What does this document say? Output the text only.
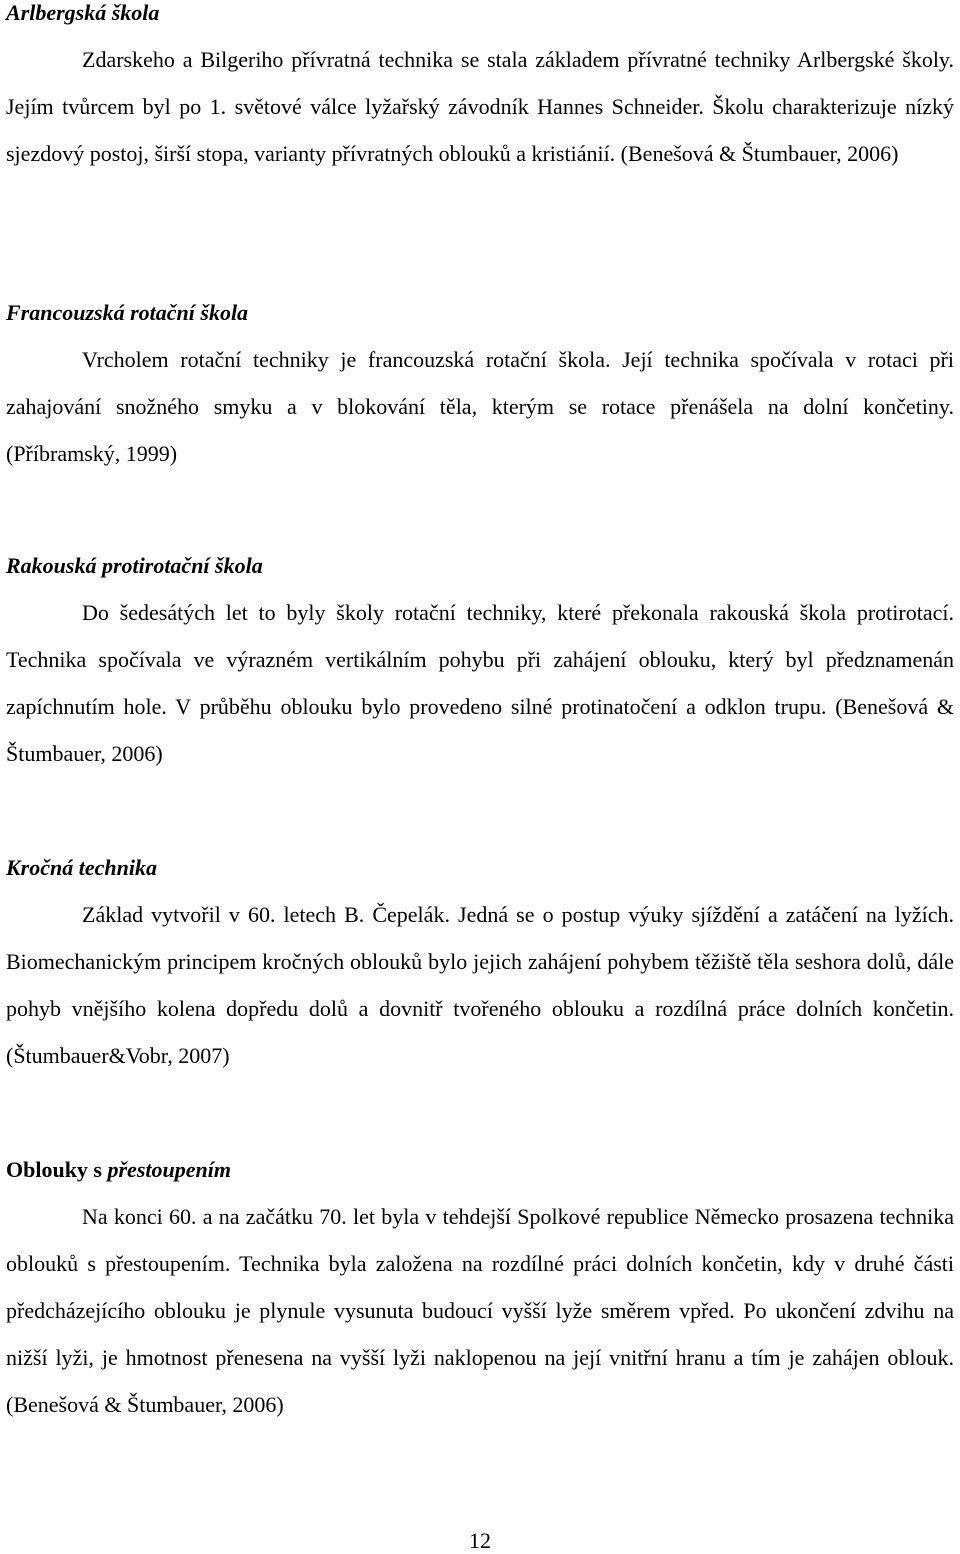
Arlbergská škola

Zdarskeho a Bilgeriho přívratná technika se stala základem přívratné techniky Arlbergské školy. Jejím tvůrcem byl po 1. světové válce lyžařský závodník Hannes Schneider. Školu charakterizuje nízký sjezdový postoj, širší stopa, varianty přívratných oblouků a kristiánií. (Benešová & Štumbauer, 2006)

Francouzská rotační škola

Vrcholem rotační techniky je francouzská rotační škola. Její technika spočívala v rotaci při zahajování snožného smyku a v blokování těla, kterým se rotace přenášela na dolní končetiny. (Příbramský, 1999)

Rakouská protirotační škola

Do šedesátých let to byly školy rotační techniky, které překonala rakouská škola protirotací. Technika spočívala ve výrazném vertikálním pohybu při zahájení oblouku, který byl předznamenán zapíchnutím hole. V průběhu oblouku bylo provedeno silné protinatočení a odklon trupu. (Benešová & Štumbauer, 2006)

Kročná technika

Základ vytvořil v 60. letech B. Čepelák. Jedná se o postup výuky sjíždění a zatáčení na lyžích. Biomechanickým principem kročných oblouků bylo jejich zahájení pohybem těžiště těla seshora dolů, dále pohyb vnějšího kolena dopředu dolů a dovnitř tvořeného oblouku a rozdílná práce dolních končetin. (Štumbauer&Vobr, 2007)

Oblouky s přestoupením

Na konci 60. a na začátku 70. let byla v tehdejší Spolkové republice Německo prosazena technika oblouků s přestoupením. Technika byla založena na rozdílné práci dolních končetin, kdy v druhé části předcházejícího oblouku je plynule vysunuta budoucí vyšší lyže směrem vpřed. Po ukončení zdvihu na nižší lyži, je hmotnost přenesena na vyšší lyži naklopenou na její vnitřní hranu a tím je zahájen oblouk. (Benešová & Štumbauer, 2006)

12
